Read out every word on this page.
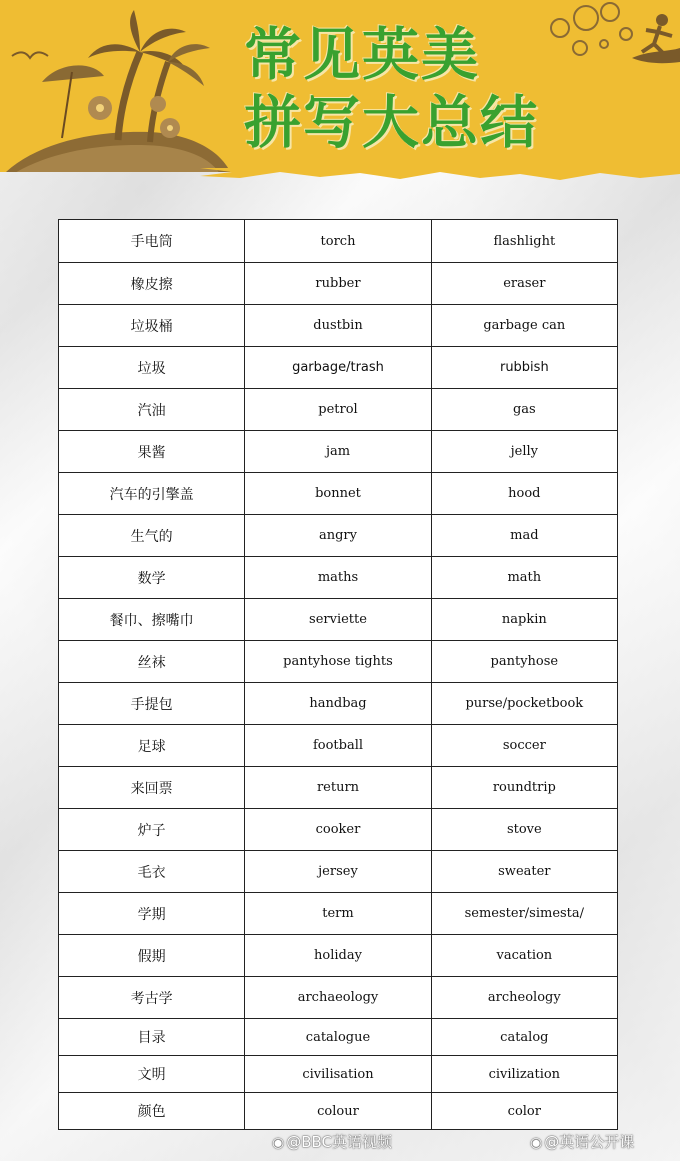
常见英美
拼写大总结
手电筒	torch	flashlight
橡皮擦	rubber	eraser
垃圾桶	dustbin	garbage can
垃圾	garbage/trash	rubbish
汽油	petrol	gas
果酱	jam	jelly
汽车的引擎盖	bonnet	hood
生气的	angry	mad
数学	maths	math
餐巾、擦嘴巾	serviette	napkin
丝袜	pantyhose tights	pantyhose
手提包	handbag	purse/pocketbook
足球	football	soccer
来回票	return	roundtrip
炉子	cooker	stove
毛衣	jersey	sweater
学期	term	semester/simesta/
假期	holiday	vacation
考古学	archaeology	archeology
目录	catalogue	catalog
文明	civilisation	civilization
颜色	colour	color
◉ @BBC英语视频	◉ @英语公开课
